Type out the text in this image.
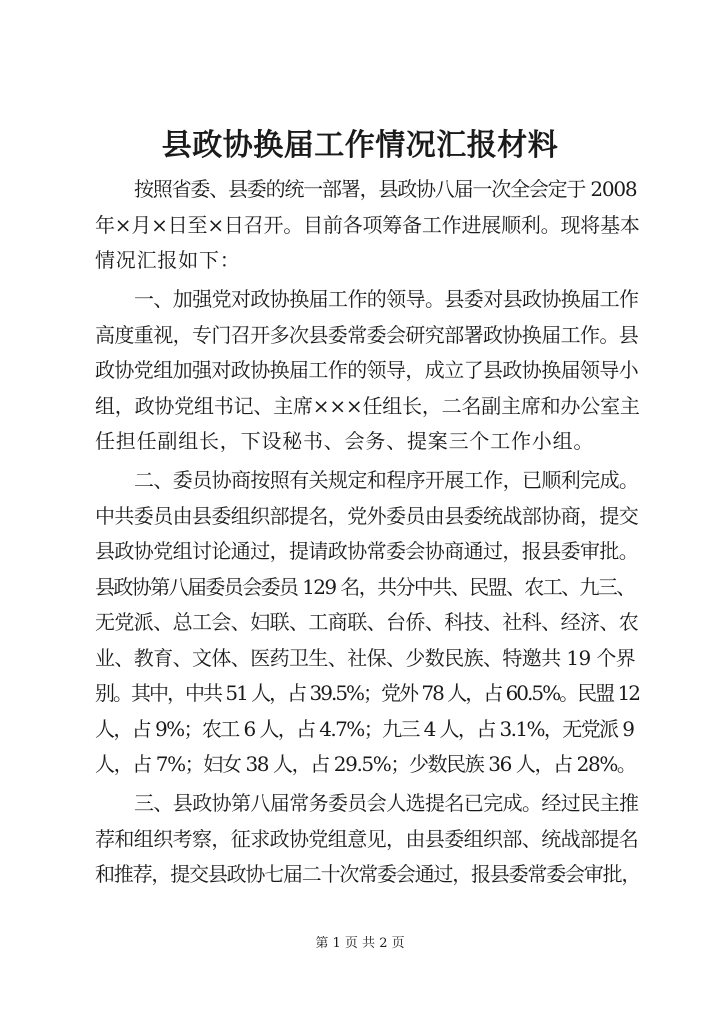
县政协换届工作情况汇报材料
按照省委、县委的统一部署，县政协八届一次全会定于 2008
年×月×日至×日召开。目前各项筹备工作进展顺利。现将基本
情况汇报如下：
一、加强党对政协换届工作的领导。县委对县政协换届工作
高度重视，专门召开多次县委常委会研究部署政协换届工作。县
政协党组加强对政协换届工作的领导，成立了县政协换届领导小
组，政协党组书记、主席×××任组长，二名副主席和办公室主
任担任副组长，下设秘书、会务、提案三个工作小组。
二、委员协商按照有关规定和程序开展工作，已顺利完成。
中共委员由县委组织部提名，党外委员由县委统战部协商，提交
县政协党组讨论通过，提请政协常委会协商通过，报县委审批。
县政协第八届委员会委员 129 名，共分中共、民盟、农工、九三、
无党派、总工会、妇联、工商联、台侨、科技、社科、经济、农
业、教育、文体、医药卫生、社保、少数民族、特邀共 19 个界
别。其中，中共 51 人，占 39.5%；党外 78 人，占 60.5%。民盟 12
人，占 9%；农工 6 人，占 4.7%；九三 4 人，占 3.1%，无党派 9
人，占 7%；妇女 38 人，占 29.5%；少数民族 36 人，占 28%。
三、县政协第八届常务委员会人选提名已完成。经过民主推
荐和组织考察，征求政协党组意见，由县委组织部、统战部提名
和推荐，提交县政协七届二十次常委会通过，报县委常委会审批，
第 1 页 共 2 页
